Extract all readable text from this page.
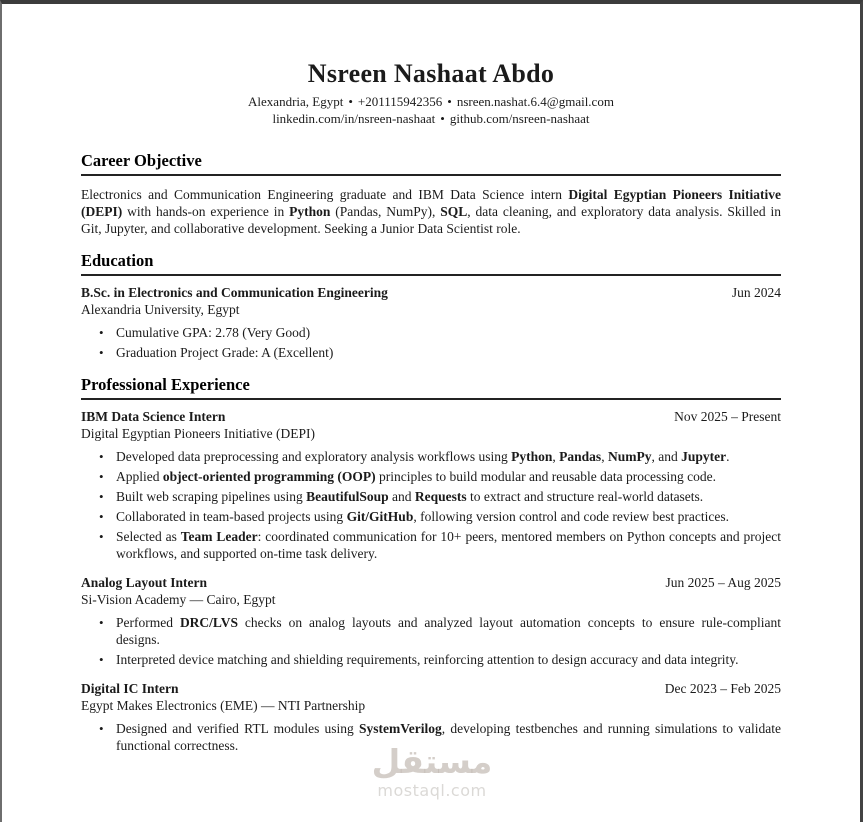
Nsreen Nashaat Abdo
Alexandria, Egypt • +201115942356 • nsreen.nashat.6.4@gmail.com
linkedin.com/in/nsreen-nashaat • github.com/nsreen-nashaat
Career Objective

Electronics and Communication Engineering graduate and IBM Data Science intern Digital Egyptian Pioneers Initiative (DEPI) with hands-on experience in Python (Pandas, NumPy), SQL, data cleaning, and exploratory data analysis. Skilled in Git, Jupyter, and collaborative development. Seeking a Junior Data Scientist role.

Education
B.Sc. in Electronics and Communication Engineering	Jun 2024
Alexandria University, Egypt
• Cumulative GPA: 2.78 (Very Good)
• Graduation Project Grade: A (Excellent)
Professional Experience
IBM Data Science Intern	Nov 2025 – Present
Digital Egyptian Pioneers Initiative (DEPI)
• Developed data preprocessing and exploratory analysis workflows using Python, Pandas, NumPy, and Jupyter.
• Applied object-oriented programming (OOP) principles to build modular and reusable data processing code.
• Built web scraping pipelines using BeautifulSoup and Requests to extract and structure real-world datasets.
• Collaborated in team-based projects using Git/GitHub, following version control and code review best practices.
• Selected as Team Leader: coordinated communication for 10+ peers, mentored members on Python concepts and project workflows, and supported on-time task delivery.
Analog Layout Intern	Jun 2025 – Aug 2025
Si-Vision Academy — Cairo, Egypt
• Performed DRC/LVS checks on analog layouts and analyzed layout automation concepts to ensure rule-compliant designs.
• Interpreted device matching and shielding requirements, reinforcing attention to design accuracy and data integrity.
Digital IC Intern	Dec 2023 – Feb 2025
Egypt Makes Electronics (EME) — NTI Partnership
• Designed and verified RTL modules using SystemVerilog, developing testbenches and running simulations to validate functional correctness.	مستقل
mostaql.com
